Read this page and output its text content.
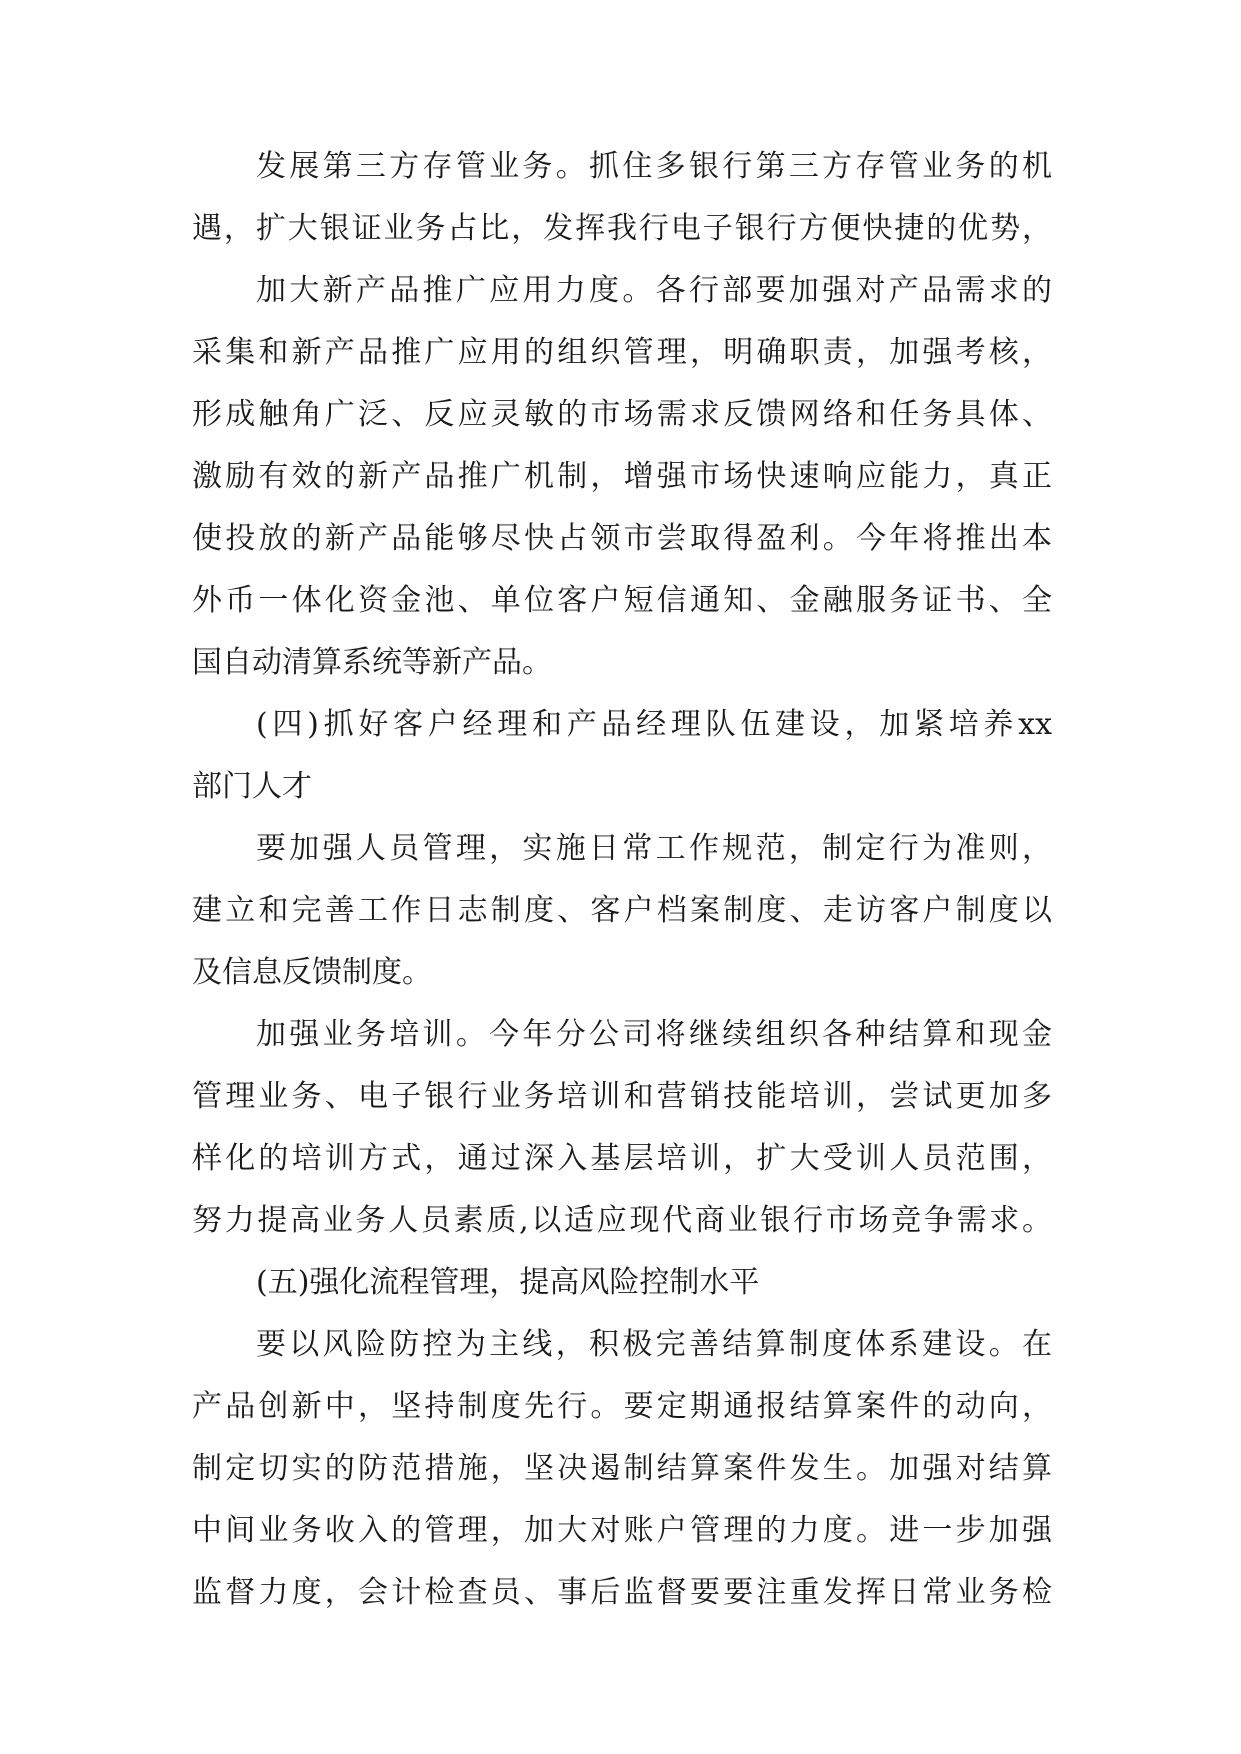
发展第三方存管业务。抓住多银行第三方存管业务的机
遇，扩大银证业务占比，发挥我行电子银行方便快捷的优势，
加大新产品推广应用力度。各行部要加强对产品需求的
采集和新产品推广应用的组织管理，明确职责，加强考核，
形成触角广泛、反应灵敏的市场需求反馈网络和任务具体、
激励有效的新产品推广机制，增强市场快速响应能力，真正
使投放的新产品能够尽快占领市尝取得盈利。今年将推出本
外币一体化资金池、单位客户短信通知、金融服务证书、全
国自动清算系统等新产品。
(四)抓好客户经理和产品经理队伍建设，加紧培养xx
部门人才
要加强人员管理，实施日常工作规范，制定行为准则，
建立和完善工作日志制度、客户档案制度、走访客户制度以
及信息反馈制度。
加强业务培训。今年分公司将继续组织各种结算和现金
管理业务、电子银行业务培训和营销技能培训，尝试更加多
样化的培训方式，通过深入基层培训，扩大受训人员范围，
努力提高业务人员素质,以适应现代商业银行市场竞争需求。
(五)强化流程管理，提高风险控制水平
要以风险防控为主线，积极完善结算制度体系建设。在
产品创新中，坚持制度先行。要定期通报结算案件的动向，
制定切实的防范措施，坚决遏制结算案件发生。加强对结算
中间业务收入的管理，加大对账户管理的力度。进一步加强
监督力度，会计检查员、事后监督要要注重发挥日常业务检
